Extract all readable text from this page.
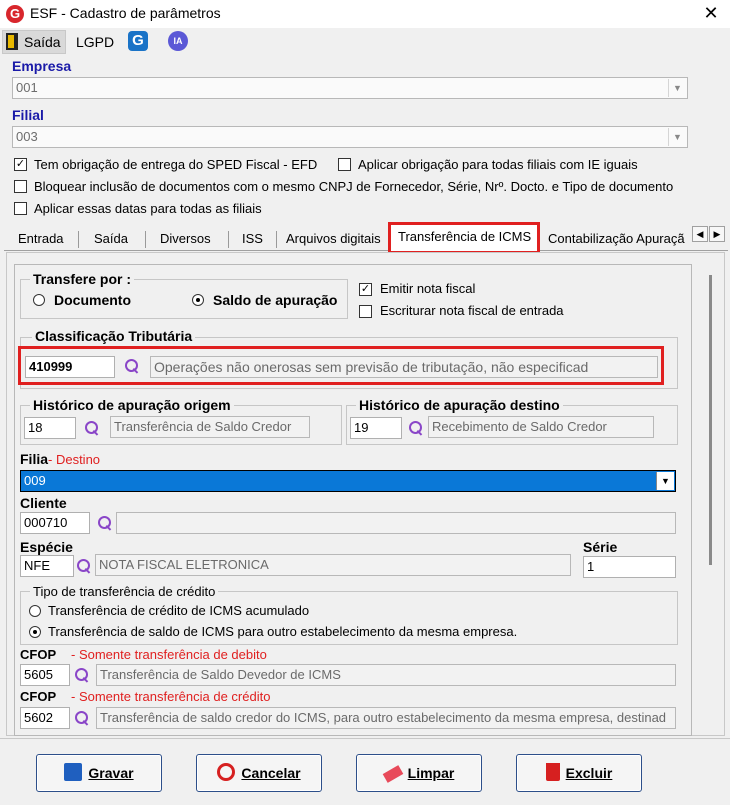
G ESF - Cadastro de parâmetros	✕
Saída LGPD G	IA
Empresa
001	▼
Filial
003	▼
✓ Tem obrigação de entrega do SPED Fiscal - EFD	Aplicar obrigação para todas filiais com IE iguais
Bloquear inclusão de documentos com o mesmo CNPJ de Fornecedor, Série, Nrº. Docto. e Tipo de documento
Aplicar essas datas para todas as filiais
Entrada	Saída	Diversos	ISS	Arquivos digitais	Transferência de ICMS	Contabilização Apuraçã	◀	▶
Transfere por :
Documento	Saldo de apuração
✓ Emitir nota fiscal
Escriturar nota fiscal de entrada
Classificação Tributária
410999	Operações não onerosas sem previsão de tributação, não especificad
Histórico de apuração origem
18	Transferência de Saldo Credor
Histórico de apuração destino
19	Recebimento de Saldo Credor
Filia- Destino
009	▼
Cliente
000710
Espécie
NFE	NOTA FISCAL ELETRONICA
Série
1
Tipo de transferência de crédito
Transferência de crédito de ICMS acumulado
Transferência de saldo de ICMS para outro estabelecimento da mesma empresa.
CFOP - Somente transferência de debito
5605	Transferência de Saldo Devedor de ICMS
CFOP - Somente transferência de crédito
5602	Transferência de saldo credor do ICMS, para outro estabelecimento da mesma empresa, destinad
Gravar	Cancelar	Limpar	Excluir
